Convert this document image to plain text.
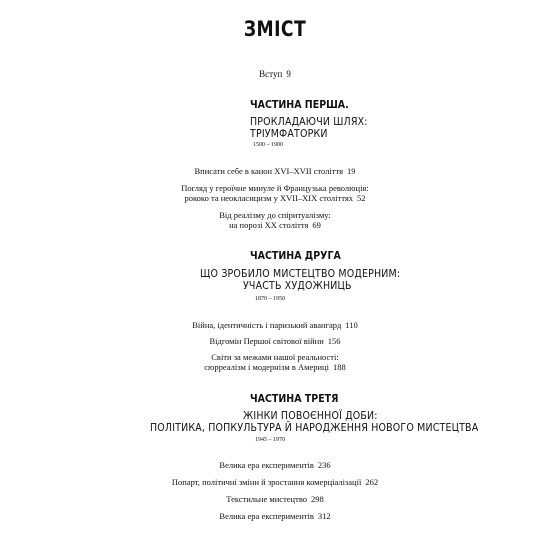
ЗМІСТ
Вступ 9
ЧАСТИНА ПЕРША.
ПРОКЛАДАЮЧИ ШЛЯХ:
ТРІУМФАТОРКИ
1500 – 1900
Вписати себе в канон XVI–XVII століття 19
Погляд у героїчне минуле й Французька революція:
рококо та неокласицизм у XVII–XIX століттях 52
Від реалізму до спіритуалізму:
на порозі XX століття 69
ЧАСТИНА ДРУГА
ЩО ЗРОБИЛО МИСТЕЦТВО МОДЕРНИМ:
УЧАСТЬ ХУДОЖНИЦЬ
1870 – 1950
Війна, ідентичність і паризький авангард 110
Відгомін Першої світової війни 156
Світи за межами нашої реальності:
сюрреалізм і модернізм в Америці 188
ЧАСТИНА ТРЕТЯ
ЖІНКИ ПОВОЄННОЇ ДОБИ:
ПОЛІТИКА, ПОПКУЛЬТУРА Й НАРОДЖЕННЯ НОВОГО МИСТЕЦТВА
1945 – 1970
Велика ера експериментів 236
Попарт, політичні зміни й зростання комерціалізації 262
Текстильне мистецтво 298
Велика ера експериментів 312
